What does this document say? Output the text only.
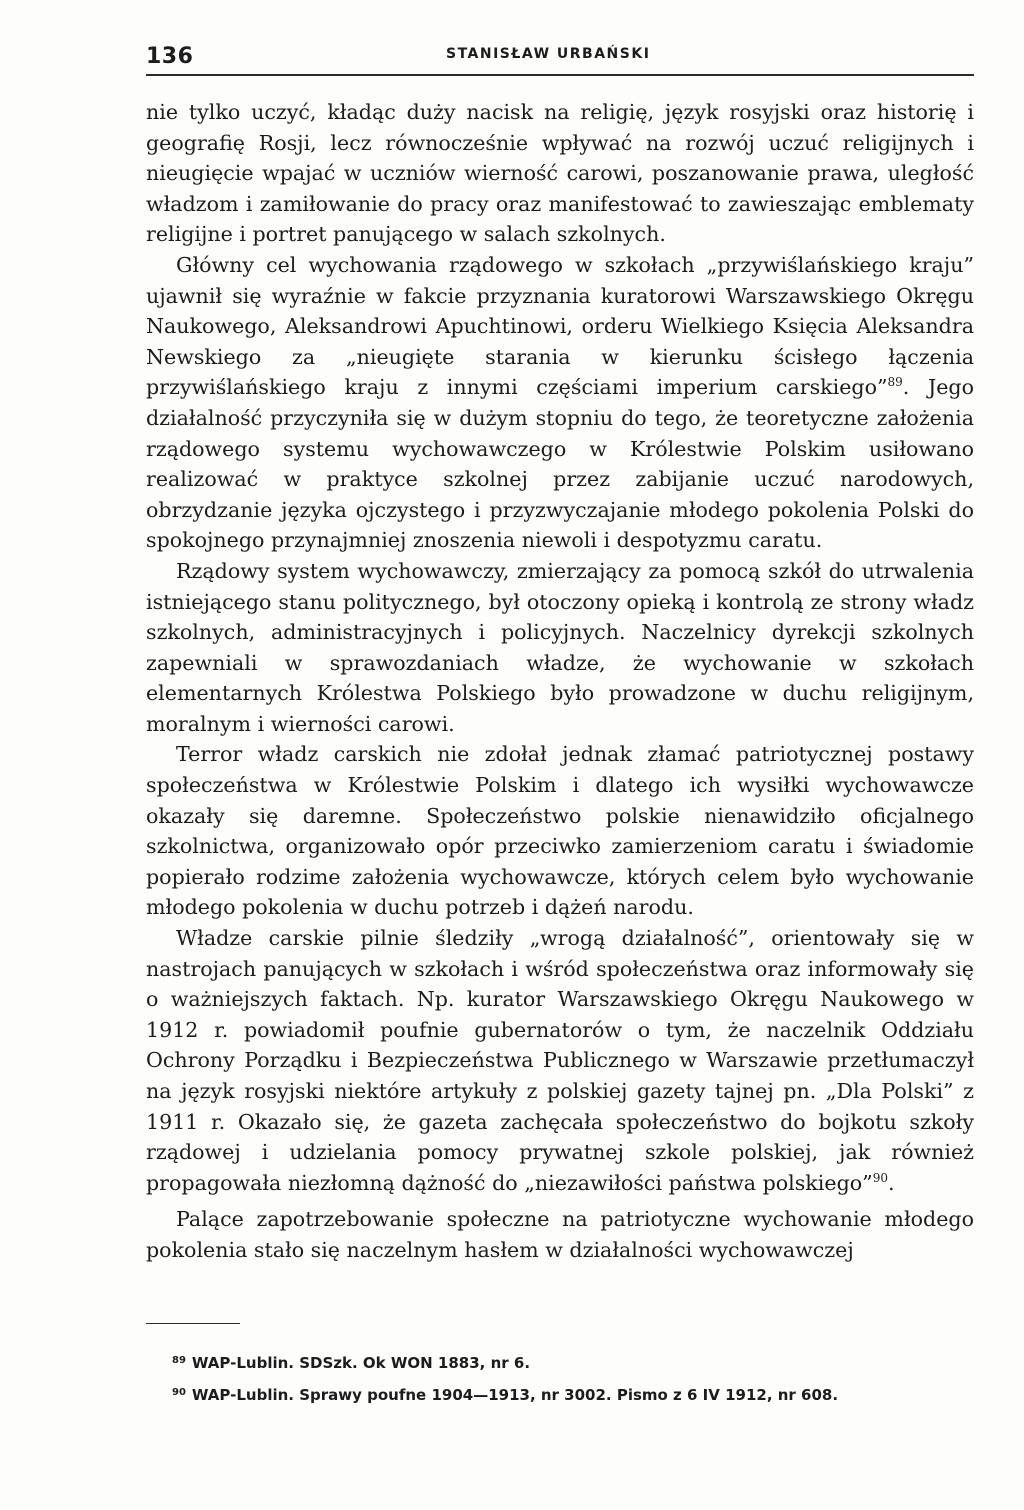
136	STANISŁAW URBAŃSKI

nie tylko uczyć, kładąc duży nacisk na religię, język rosyjski oraz historię i geografię Rosji, lecz równocześnie wpływać na rozwój uczuć religijnych i nieugięcie wpajać w uczniów wierność carowi, poszanowanie prawa, uległość władzom i zamiłowanie do pracy oraz manifestować to zawieszając emblematy religijne i portret panującego w salach szkolnych.

Główny cel wychowania rządowego w szkołach „przywiślańskiego kraju” ujawnił się wyraźnie w fakcie przyznania kuratorowi Warszawskiego Okręgu Naukowego, Aleksandrowi Apuchtinowi, orderu Wielkiego Księcia Aleksandra Newskiego za „nieugięte starania w kierunku ścisłego łączenia przywiślańskiego kraju z innymi częściami imperium carskiego”$^{89}$. Jego działalność przyczyniła się w dużym stopniu do tego, że teoretyczne założenia rządowego systemu wychowawczego w Królestwie Polskim usiłowano realizować w praktyce szkolnej przez zabijanie uczuć narodowych, obrzydzanie języka ojczystego i przyzwyczajanie młodego pokolenia Polski do spokojnego przynajmniej znoszenia niewoli i despotyzmu caratu.

Rządowy system wychowawczy, zmierzający za pomocą szkół do utrwalenia istniejącego stanu politycznego, był otoczony opieką i kontrolą ze strony władz szkolnych, administracyjnych i policyjnych. Naczelnicy dyrekcji szkolnych zapewniali w sprawozdaniach władze, że wychowanie w szkołach elementarnych Królestwa Polskiego było prowadzone w duchu religijnym, moralnym i wierności carowi.

Terror władz carskich nie zdołał jednak złamać patriotycznej postawy społeczeństwa w Królestwie Polskim i dlatego ich wysiłki wychowawcze okazały się daremne. Społeczeństwo polskie nienawidziło oficjalnego szkolnictwa, organizowało opór przeciwko zamierzeniom caratu i świadomie popierało rodzime założenia wychowawcze, których celem było wychowanie młodego pokolenia w duchu potrzeb i dążeń narodu.

Władze carskie pilnie śledziły „wrogą działalność”, orientowały się w nastrojach panujących w szkołach i wśród społeczeństwa oraz informowały się o ważniejszych faktach. Np. kurator Warszawskiego Okręgu Naukowego w 1912 r. powiadomił poufnie gubernatorów o tym, że naczelnik Oddziału Ochrony Porządku i Bezpieczeństwa Publicznego w Warszawie przetłumaczył na język rosyjski niektóre artykuły z polskiej gazety tajnej pn. „Dla Polski” z 1911 r. Okazało się, że gazeta zachęcała społeczeństwo do bojkotu szkoły rządowej i udzielania pomocy prywatnej szkole polskiej, jak również propagowała niezłomną dążność do „niezawiłości państwa polskiego”$^{90}$.

Palące zapotrzebowanie społeczne na patriotyczne wychowanie młodego pokolenia stało się naczelnym hasłem w działalności wychowawczej

$^{89}$ WAP-Lublin. SDSzk. Ok WON 1883, nr 6.
$^{90}$ WAP-Lublin. Sprawy poufne 1904—1913, nr 3002. Pismo z 6 IV 1912, nr 608.
